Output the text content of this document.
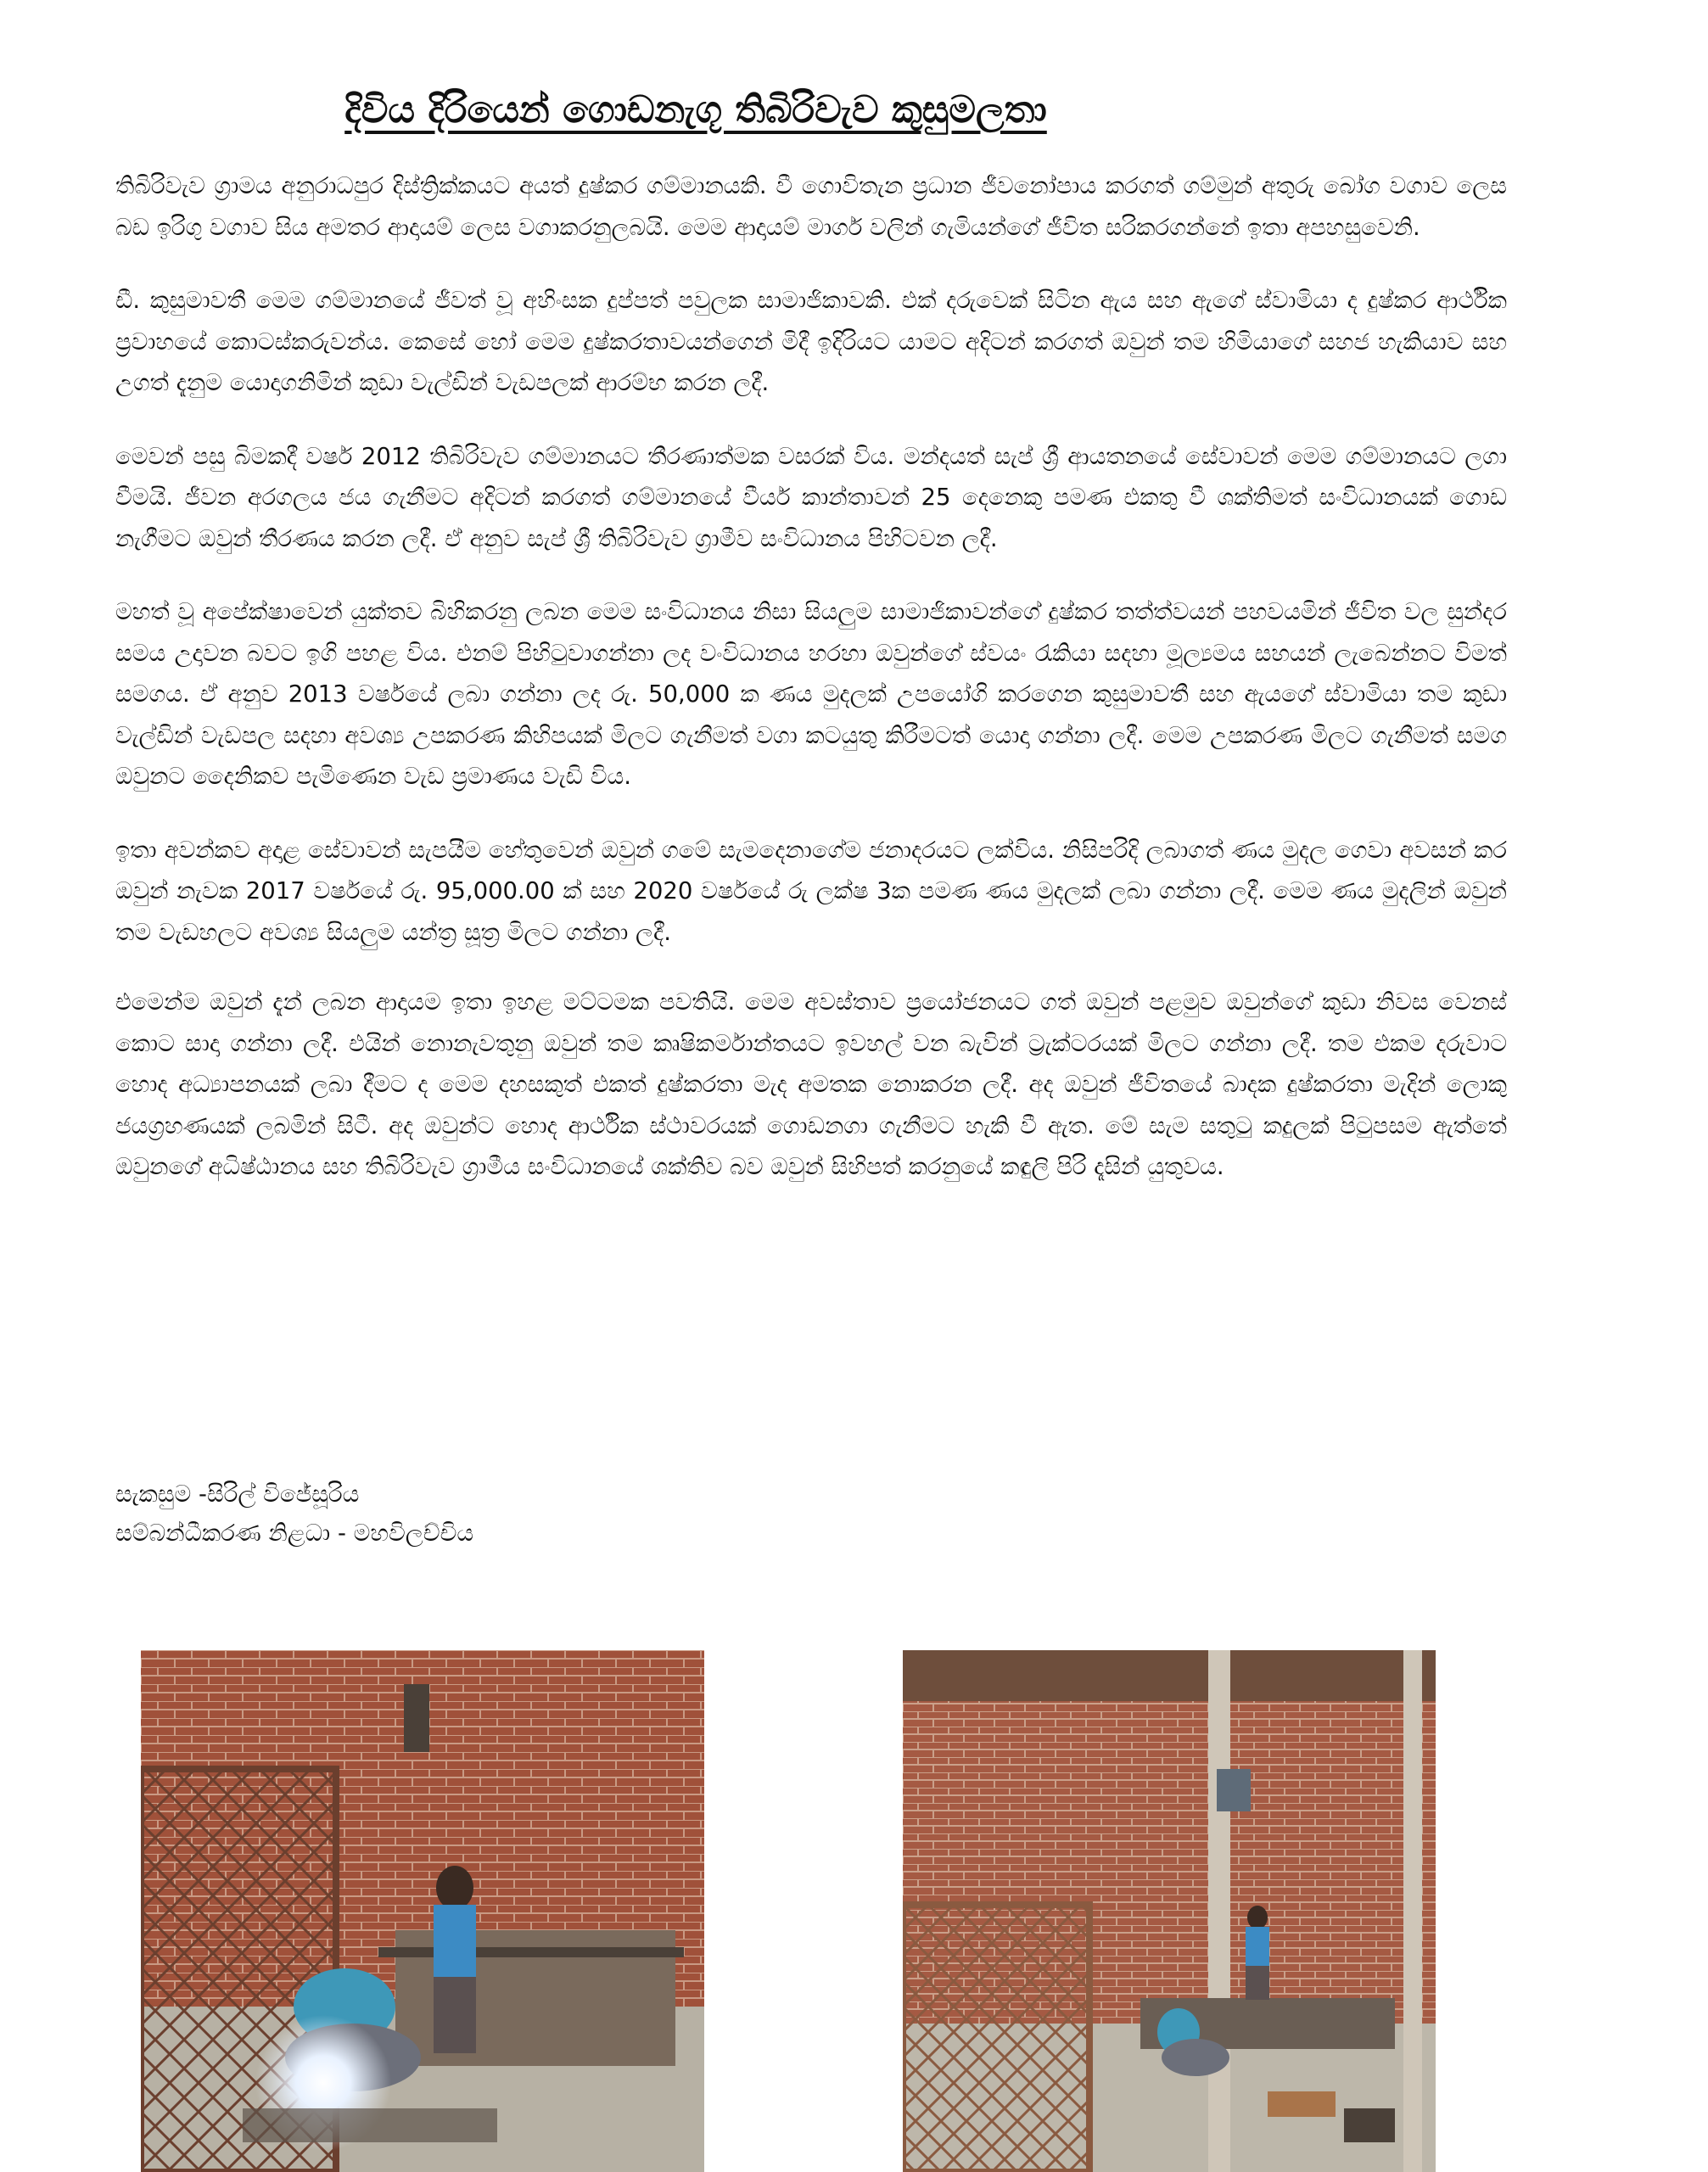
දිවිය දිරියෙන් ගොඩනැගූ තිබිරිවැව කුසුමලතා

තිබිරිවැව ග්‍රාමය අනුරාධපුර දිස්ත්‍රික්කයට අයත් දුෂ්කර ගම්මානයකි. වී ගොවිතැන ප්‍රධාන ජීවනෝපාය කරගත් ගම්මුන් අතුරු බෝග වගාව ලෙස බඩ ඉරිගු වගාව සිය අමතර ආදායම් ලෙස වගාකරනුලබයි. මෙම ආදායම් මාර්ග වලින් ගැමියන්ගේ ජීවිත සරිකරගන්නේ ඉතා අපහසුවෙනි.

ඩී. කුසුමාවතී මෙම ගම්මානයේ ජීවත් වූ අහිංසක දුප්පත් පවුලක සාමාජිකාවකි. එක් දරුවෙක් සිටින ඇය සහ ඇගේ ස්වාමියා ද දුෂ්කර ආර්ථික ප්‍රවාහයේ කොටස්කරුවන්ය. කෙසේ හෝ මෙම දුෂ්කරතාවයන්ගෙන් මිදී ඉදිරියට යාමට අදිටන් කරගත් ඔවුන් තම හිමියාගේ සහජ හැකියාව සහ උගත් දැනුම යොදාගනිමින් කුඩා වැල්ඩින් වැඩපලක් ආරම්භ කරන ලදී.

මෙවන් පසු බිමකදී වර්ෂ 2012 තිබිරිවැව ගම්මානයට තීරණාත්මක වසරක් විය. මන්දයත් සැප් ශ්‍රී ආයතනයේ සේවාවන් මෙම ගම්මානයට ලගා වීමයි. ජීවන අරගලය ජය ගැනීමට අදිටන් කරගත් ගම්මානයේ වීර්ය කාන්තාවන් 25 දෙනෙකු පමණ එකතු වී ශක්තිමත් සංවිධානයක් ගොඩ නැගීමට ඔවුන් තීරණය කරන ලදී. ඒ අනුව සැප් ශ්‍රී තිබිරිවැව ග්‍රාමීව සංවිධානය පිහිටවන ලදී.

මහත් වූ අපේක්ෂාවෙන් යුක්තව බිහිකරනු ලබන මෙම සංවිධානය නිසා සියලුම සාමාජිකාවන්ගේ දුෂ්කර තත්ත්වයන් පහවයමින් ජීවිත වල සුන්දර සමය උදාවන බවට ඉගි පහළ විය. එනම් පිහිටුවාගන්නා ලද වංවිධානය හරහා ඔවුන්ගේ ස්වයං රැකියා සදහා මූල්‍යමය සහයන් ලැබෙන්නට විමත් සමගය. ඒ අනුව 2013 වර්ෂයේ ලබා ගන්නා ලද රු. 50,000 ක ණය මුදලක් උපයෝගි කරගෙන කුසුමාවතී සහ ඇයගේ ස්වාමියා තම කුඩා වැල්ඩින් වැඩපල සදහා අවශ්‍ය උපකරණ කිහිපයක් මිලට ගැනීමත් වගා කටයුතු කිරීමටත් යොදා ගන්නා ලදී. මෙම උපකරණ මිලට ගැනීමත් සමග ඔවුනට දෛනිකව පැමිණෙන වැඩ ප්‍රමාණය වැඩි විය.

ඉතා අවන්කව අදාළ සේවාවන් සැපයීම හේතුවෙන් ඔවුන් ගමේ සැමදෙනාගේම ජනාදරයට ලක්විය. නිසිපරිදි ලබාගත් ණය මුදල ගෙවා අවසන් කර ඔවුන් නැවක 2017 වර්ෂයේ රු. 95,000.00 ක් සහ 2020 වර්ෂයේ රු ලක්ෂ 3ක පමණ ණය මුදලක් ලබා ගන්නා ලදී. මෙම ණය මුදලින් ඔවුන් තම වැඩහලට අවශ්‍ය සියලුම යන්ත්‍ර සූත්‍ර මිලට ගන්නා ලදී.

එමෙන්ම ඔවුන් දැන් ලබන ආදායම ඉතා ඉහළ මට්ටමක පවතියි. මෙම අවස්තාව ප්‍රයෝජනයට ගත් ඔවුන් පළමුව ඔවුන්ගේ කුඩා නිවස වෙනස් කොට සාදා ගන්නා ලදී. එයින් නොනැවතුනු ඔවුන් තම කෘෂිකර්මාන්තයට ඉවහල් වන බැවින් ට්‍රැක්ටරයක් මිලට ගන්නා ලදී. තම එකම දරුවාට හොද අධ්‍යාපනයක් ලබා දීමට ද මෙම දහසකුත් එකත් දුෂ්කරතා මැද අමතක නොකරන ලදී. අද ඔවුන් ජීවිතයේ බාදක දුෂ්කරතා මැදින් ලොකු ජයග්‍රහණයක් ලබමින් සිටී. අද ඔවුන්ට හොද ආර්ථික ස්ථාවරයක් ගොඩනගා ගැනීමට හැකි වී ඇත. මේ සැම සතුටු කදුලක් පිටුපසම ඇත්තේ ඔවුනගේ අධිෂ්ඨානය සහ තිබිරිවැව ග්‍රාමීය සංවිධානයේ ශක්තිව බව ඔවුන් සිහිපත් කරනුයේ කඳුලි පිරි දෑසින් යුතුවය.

සැකසුම -සිරිල් විජේසූරිය
සම්බන්ධීකරණ නිළධා - මහවිලච්චිය
